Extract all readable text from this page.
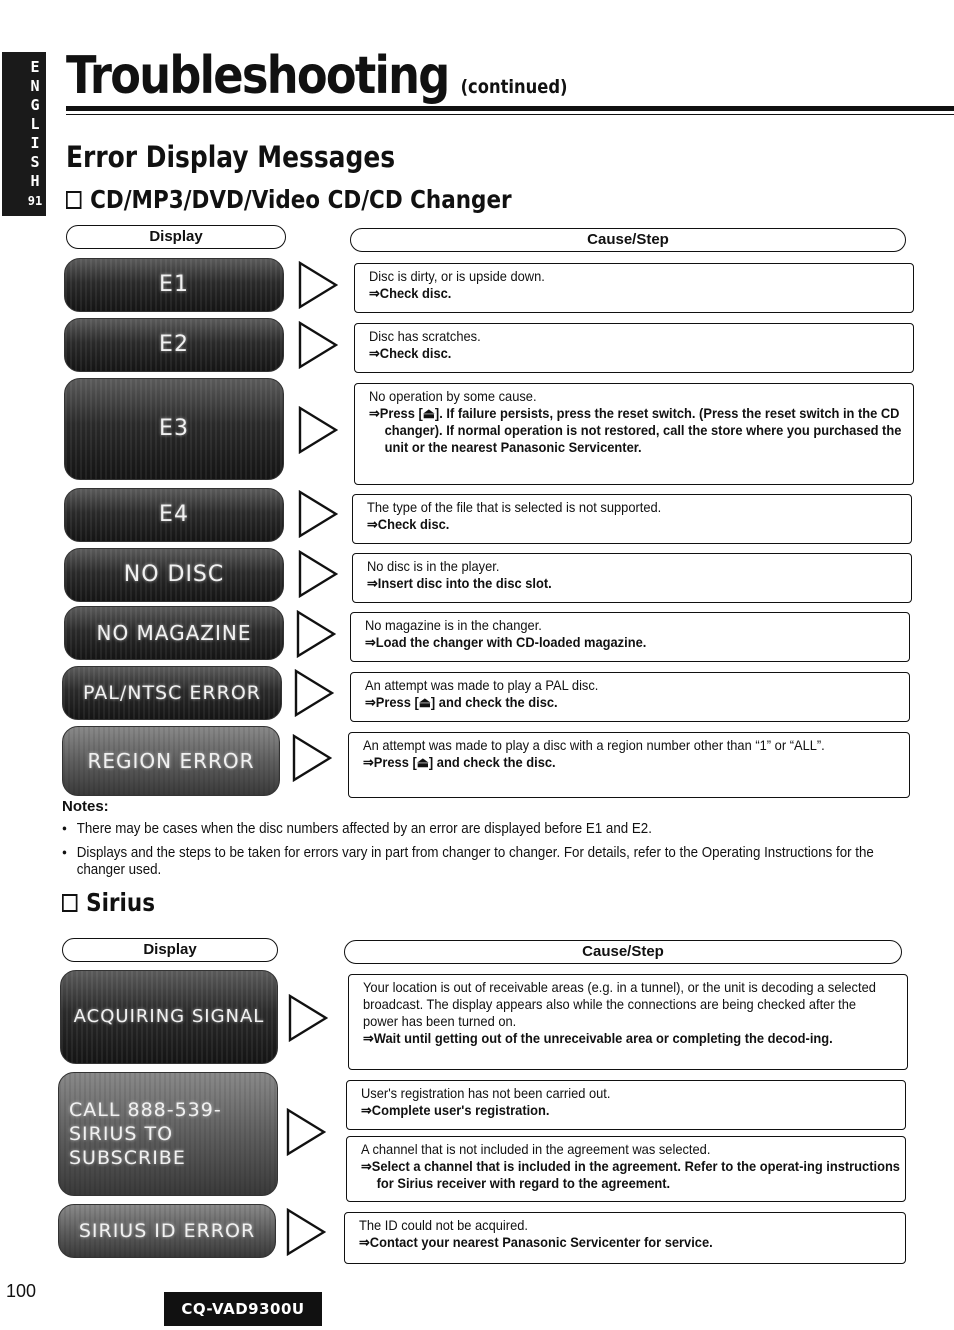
E
N
G
L
I
S
H
91
Troubleshooting (continued)
Error Display Messages
CD/MP3/DVD/Video CD/CD Changer
Display	Cause/Step
E1
E2
E3
E4
NO DISC
NO MAGAZINE
PAL/NTSC ERROR
REGION ERROR
Disc is dirty, or is upside down.
⇒Check disc.
Disc has scratches.
⇒Check disc.
No operation by some cause.
⇒Press [⏏]. If failure persists, press the reset switch. (Press the reset switch in the CD changer). If normal operation is not restored, call the store where you purchased the unit or the nearest Panasonic Servicenter.
The type of the file that is selected is not supported.
⇒Check disc.
No disc is in the player.
⇒Insert disc into the disc slot.
No magazine is in the changer.
⇒Load the changer with CD-loaded magazine.
An attempt was made to play a PAL disc.
⇒Press [⏏] and check the disc.
An attempt was made to play a disc with a region number other than “1” or “ALL”.
⇒Press [⏏] and check the disc.
Notes:
● There may be cases when the disc numbers affected by an error are displayed before E1 and E2.
● Displays and the steps to be taken for errors vary in part from changer to changer. For details, refer to the Operating Instructions for the changer used.
Sirius
Display	Cause/Step
ACQUIRING SIGNAL
CALL 888-539-
SIRIUS TO
SUBSCRIBE
SIRIUS ID ERROR
Your location is out of receivable areas (e.g. in a tunnel), or the unit is decoding a selected broadcast. The display appears also while the connections are being checked after the power has been turned on.
⇒Wait until getting out of the unreceivable area or completing the decod-ing.
User's registration has not been carried out.
⇒Complete user's registration.
A channel that is not included in the agreement was selected.
⇒Select a channel that is included in the agreement. Refer to the operat-ing instructions for Sirius receiver with regard to the agreement.
The ID could not be acquired.
⇒Contact your nearest Panasonic Servicenter for service.
100
CQ-VAD9300U
